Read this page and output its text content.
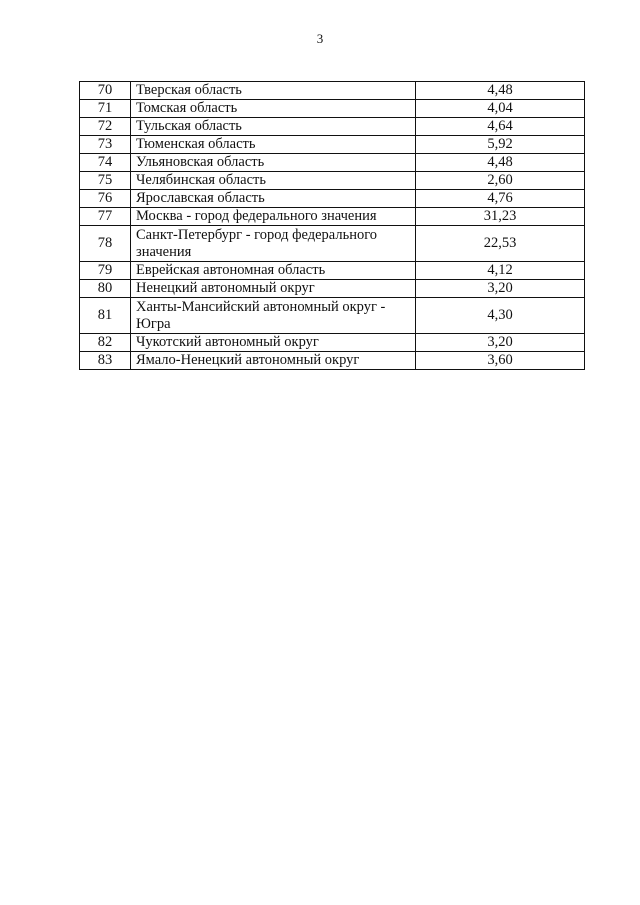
3
70	Тверская область	4,48
71	Томская область	4,04
72	Тульская область	4,64
73	Тюменская область	5,92
74	Ульяновская область	4,48
75	Челябинская область	2,60
76	Ярославская область	4,76
77	Москва - город федерального значения	31,23
78	Санкт-Петербург - город федерального значения	22,53
79	Еврейская автономная область	4,12
80	Ненецкий автономный округ	3,20
81	Ханты-Мансийский автономный округ - Югра	4,30
82	Чукотский автономный округ	3,20
83	Ямало-Ненецкий автономный округ	3,60
